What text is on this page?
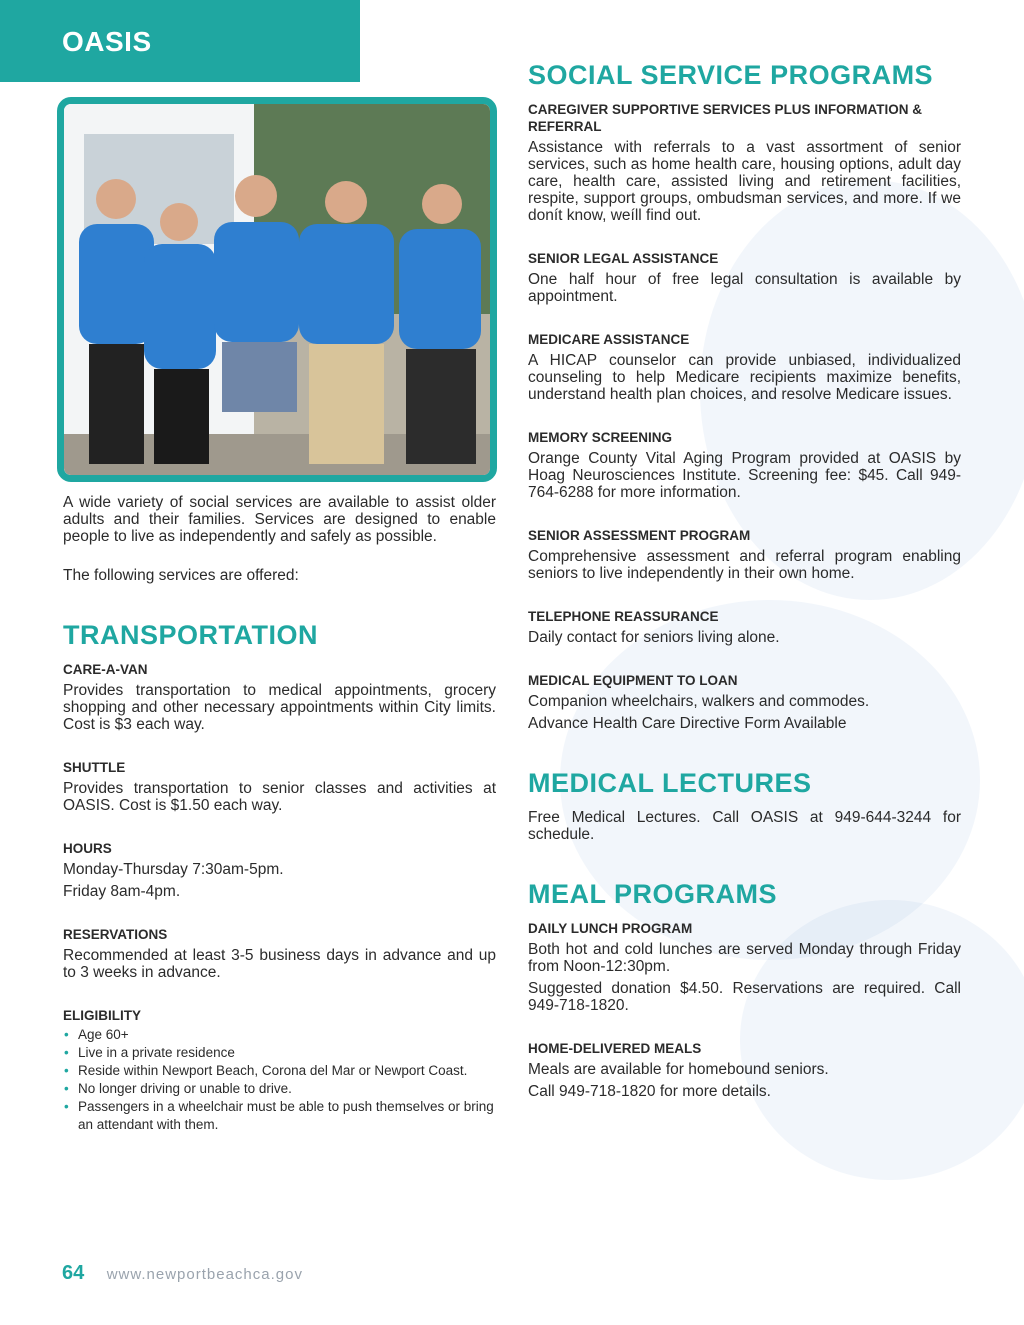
OASIS

A wide variety of social services are available to assist older adults and their families. Services are designed to enable people to live as independently and safely as possible.

The following services are offered:

TRANSPORTATION
CARE-A-VAN

Provides transportation to medical appointments, grocery shopping and other necessary appointments within City limits. Cost is $3 each way.

SHUTTLE

Provides transportation to senior classes and activities at OASIS. Cost is $1.50 each way.

HOURS

Monday-Thursday 7:30am-5pm.

Friday 8am-4pm.

RESERVATIONS

Recommended at least 3-5 business days in advance and up to 3 weeks in advance.

ELIGIBILITY
• Age 60+
• Live in a private residence
• Reside within Newport Beach, Corona del Mar or Newport Coast.
• No longer driving or unable to drive.
• Passengers in a wheelchair must be able to push themselves or bring an attendant with them.
SOCIAL SERVICE PROGRAMS
CAREGIVER SUPPORTIVE SERVICES PLUS INFORMATION & REFERRAL

Assistance with referrals to a vast assortment of senior services, such as home health care, housing options, adult day care, health care, assisted living and retirement facilities, respite, support groups, ombudsman services, and more. If we donít know, weíll find out.

SENIOR LEGAL ASSISTANCE

One half hour of free legal consultation is available by appointment.

MEDICARE ASSISTANCE

A HICAP counselor can provide unbiased, individualized counseling to help Medicare recipients maximize benefits, understand health plan choices, and resolve Medicare issues.

MEMORY SCREENING

Orange County Vital Aging Program provided at OASIS by Hoag Neurosciences Institute. Screening fee: $45. Call 949-764-6288 for more information.

SENIOR ASSESSMENT PROGRAM

Comprehensive assessment and referral program enabling seniors to live independently in their own home.

TELEPHONE REASSURANCE

Daily contact for seniors living alone.

MEDICAL EQUIPMENT TO LOAN

Companion wheelchairs, walkers and commodes.

Advance Health Care Directive Form Available

MEDICAL LECTURES

Free Medical Lectures. Call OASIS at 949-644-3244 for schedule.

MEAL PROGRAMS
DAILY LUNCH PROGRAM

Both hot and cold lunches are served Monday through Friday from Noon-12:30pm.

Suggested donation $4.50. Reservations are required. Call 949-718-1820.

HOME-DELIVERED MEALS

Meals are available for homebound seniors.

Call 949-718-1820 for more details.

64 www.newportbeachca.gov
